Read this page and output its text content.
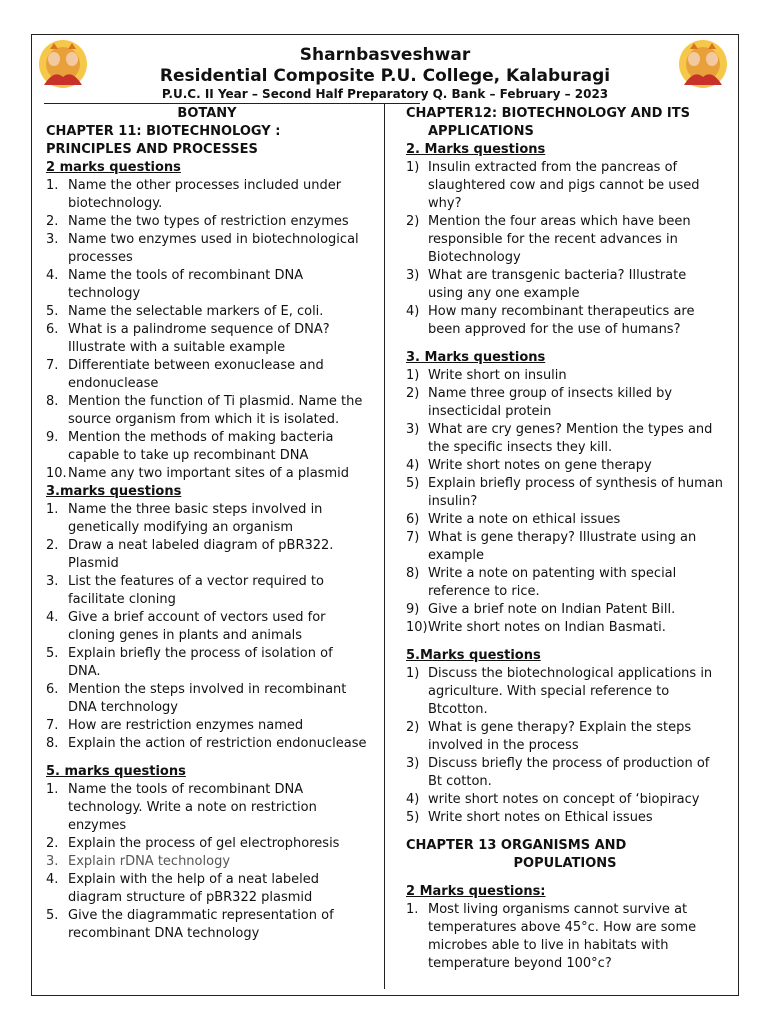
Sharnbasveshwar
Residential Composite P.U. College, Kalaburagi
P.U.C. II Year – Second Half Preparatory Q. Bank – February – 2023
BOTANY
CHAPTER 11: BIOTECHNOLOGY :
PRINCIPLES AND PROCESSES
2 marks questions
1. Name the other processes included under biotechnology.
2. Name the two types of restriction enzymes
3. Name two enzymes used in biotechnological processes
4. Name the tools of recombinant DNA technology
5. Name the selectable markers of E, coli.
6. What is a palindrome sequence of DNA? Illustrate with a suitable example
7. Differentiate between exonuclease and endonuclease
8. Mention the function of Ti plasmid. Name the source organism from which it is isolated.
9. Mention the methods of making bacteria capable to take up recombinant DNA
10. Name any two important sites of a plasmid
3.marks questions
1. Name the three basic steps involved in genetically modifying an organism
2. Draw a neat labeled diagram of pBR322. Plasmid
3. List the features of a vector required to facilitate cloning
4. Give a brief account of vectors used for cloning genes in plants and animals
5. Explain briefly the process of isolation of DNA.
6. Mention the steps involved in recombinant DNA terchnology
7. How are restriction enzymes named
8. Explain the action of restriction endonuclease
5. marks questions
1. Name the tools of recombinant DNA technology. Write a note on restriction enzymes
2. Explain the process of gel electrophoresis
3. Explain rDNA technology
4. Explain with the help of a neat labeled diagram structure of pBR322 plasmid
5. Give the diagrammatic representation of recombinant DNA technology
CHAPTER12: BIOTECHNOLOGY AND ITS
APPLICATIONS
2. Marks questions
1) Insulin extracted from the pancreas of slaughtered cow and pigs cannot be used why?
2) Mention the four areas which have been responsible for the recent advances in Biotechnology
3) What are transgenic bacteria? Illustrate using any one example
4) How many recombinant therapeutics are been approved for the use of humans?
3. Marks questions
1) Write short on insulin
2) Name three group of insects killed by insecticidal protein
3) What are cry genes? Mention the types and the specific insects they kill.
4) Write short notes on gene therapy
5) Explain briefly process of synthesis of human insulin?
6) Write a note on ethical issues
7) What is gene therapy? Illustrate using an example
8) Write a note on patenting with special reference to rice.
9) Give a brief note on Indian Patent Bill.
10) Write short notes on Indian Basmati.
5.Marks questions
1) Discuss the biotechnological applications in agriculture. With special reference to Btcotton.
2) What is gene therapy? Explain the steps involved in the process
3) Discuss briefly the process of production of Bt cotton.
4) write short notes on concept of ‘biopiracy
5) Write short notes on Ethical issues
CHAPTER 13 ORGANISMS AND
POPULATIONS
2 Marks questions:
1. Most living organisms cannot survive at temperatures above 45°c. How are some microbes able to live in habitats with temperature beyond 100°c?
